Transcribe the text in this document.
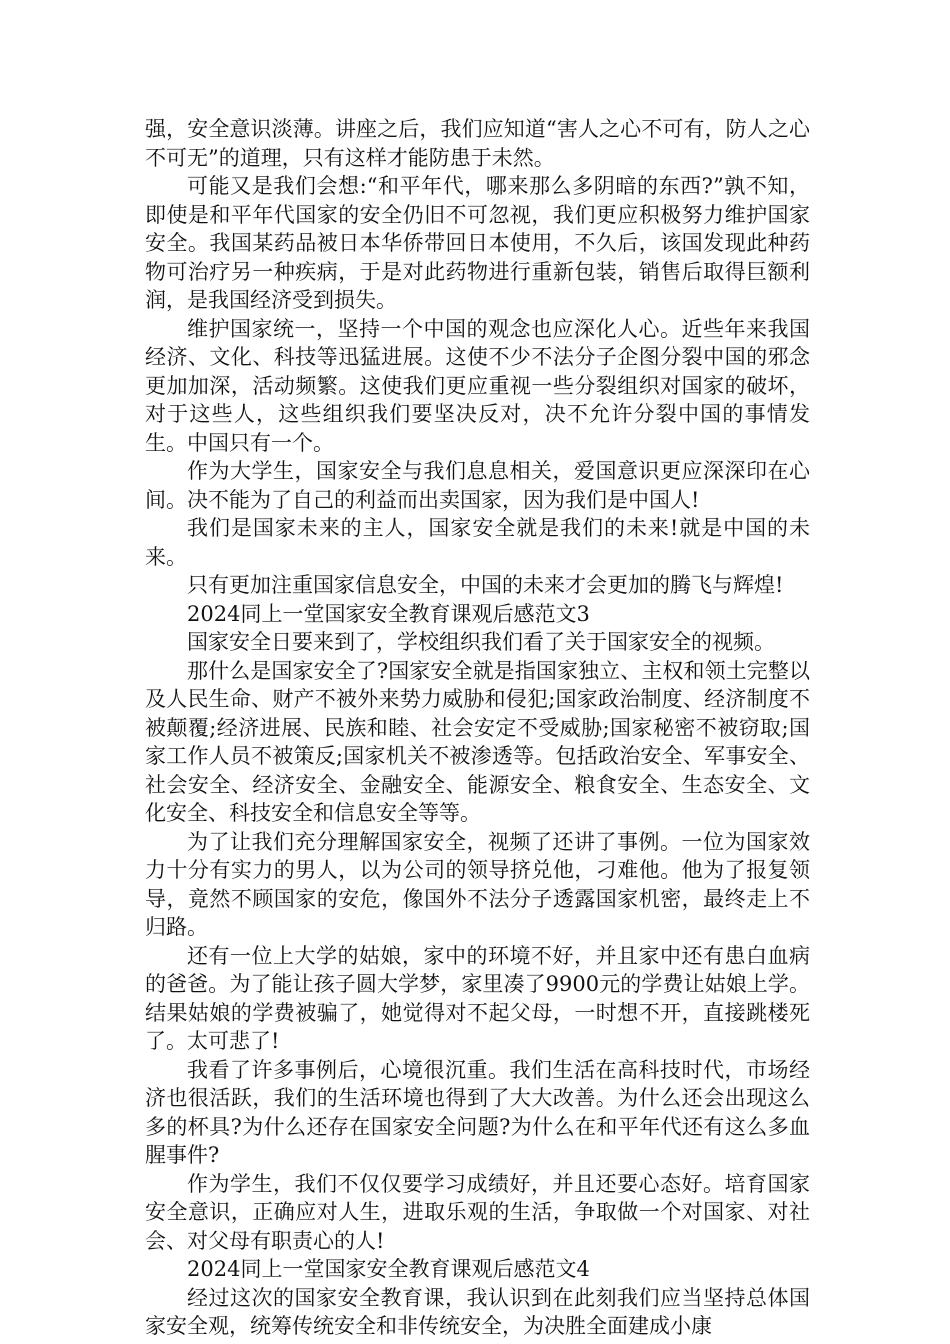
强，安全意识淡薄。讲座之后，我们应知道“害人之心不可有，防人之心不可无”的道理，只有这样才能防患于未然。

可能又是我们会想:“和平年代，哪来那么多阴暗的东西?”孰不知，即使是和平年代国家的安全仍旧不可忽视，我们更应积极努力维护国家安全。我国某药品被日本华侨带回日本使用，不久后，该国发现此种药物可治疗另一种疾病，于是对此药物进行重新包装，销售后取得巨额利润，是我国经济受到损失。

维护国家统一，坚持一个中国的观念也应深化人心。近些年来我国经济、文化、科技等迅猛进展。这使不少不法分子企图分裂中国的邪念更加加深，活动频繁。这使我们更应重视一些分裂组织对国家的破坏，对于这些人，这些组织我们要坚决反对，决不允许分裂中国的事情发生。中国只有一个。

作为大学生，国家安全与我们息息相关，爱国意识更应深深印在心间。决不能为了自己的利益而出卖国家，因为我们是中国人!

我们是国家未来的主人，国家安全就是我们的未来!就是中国的未来。

只有更加注重国家信息安全，中国的未来才会更加的腾飞与辉煌!

2024同上一堂国家安全教育课观后感范文3

国家安全日要来到了，学校组织我们看了关于国家安全的视频。

那什么是国家安全了?国家安全就是指国家独立、主权和领土完整以及人民生命、财产不被外来势力威胁和侵犯;国家政治制度、经济制度不被颠覆;经济进展、民族和睦、社会安定不受威胁;国家秘密不被窃取;国家工作人员不被策反;国家机关不被渗透等。包括政治安全、军事安全、社会安全、经济安全、金融安全、能源安全、粮食安全、生态安全、文化安全、科技安全和信息安全等等。

为了让我们充分理解国家安全，视频了还讲了事例。一位为国家效力十分有实力的男人，以为公司的领导挤兑他，刁难他。他为了报复领导，竟然不顾国家的安危，像国外不法分子透露国家机密，最终走上不归路。

还有一位上大学的姑娘，家中的环境不好，并且家中还有患白血病的爸爸。为了能让孩子圆大学梦，家里凑了9900元的学费让姑娘上学。结果姑娘的学费被骗了，她觉得对不起父母，一时想不开，直接跳楼死了。太可悲了!

我看了许多事例后，心境很沉重。我们生活在高科技时代，市场经济也很活跃，我们的生活环境也得到了大大改善。为什么还会出现这么多的杯具?为什么还存在国家安全问题?为什么在和平年代还有这么多血腥事件?

作为学生，我们不仅仅要学习成绩好，并且还要心态好。培育国家安全意识，正确应对人生，进取乐观的生活，争取做一个对国家、对社会、对父母有职责心的人!

2024同上一堂国家安全教育课观后感范文4

经过这次的国家安全教育课，我认识到在此刻我们应当坚持总体国家安全观，统筹传统安全和非传统安全，为决胜全面建成小康
